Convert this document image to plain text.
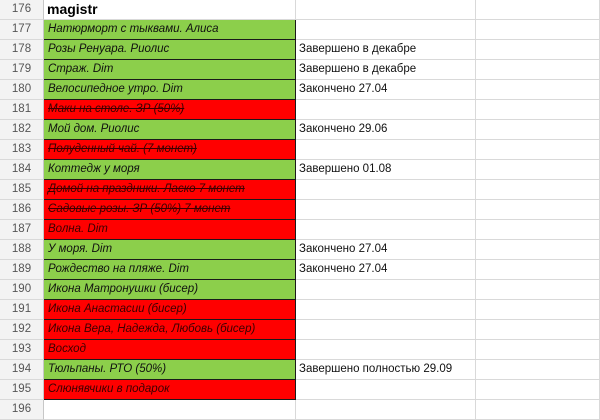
176	magistr
177	Натюрморт с тыквами. Алиса
178	Розы Ренуара. Риолис	Завершено в декабре
179	Страж. Dim	Завершено в декабре
180	Велосипедное утро. Dim	Закончено 27.04
181	Маки на столе. ЗР (50%)
182	Мой дом. Риолис	Закончено 29.06
183	Полуденный чай. (7 монет)
184	Коттедж у моря	Завершено 01.08
185	Домой на праздники. Ласко 7 монет
186	Садовые розы. ЗР (50%) 7 монет
187	Волна. Dim
188	У моря. Dim	Закончено 27.04
189	Рождество на пляже. Dim	Закончено 27.04
190	Икона Матронушки (бисер)
191	Икона Анастасии (бисер)
192	Икона Вера, Надежда, Любовь (бисер)
193	Восход
194	Тюльпаны. РТО (50%)	Завершено полностью 29.09
195	Слюнявчики в подарок
196
